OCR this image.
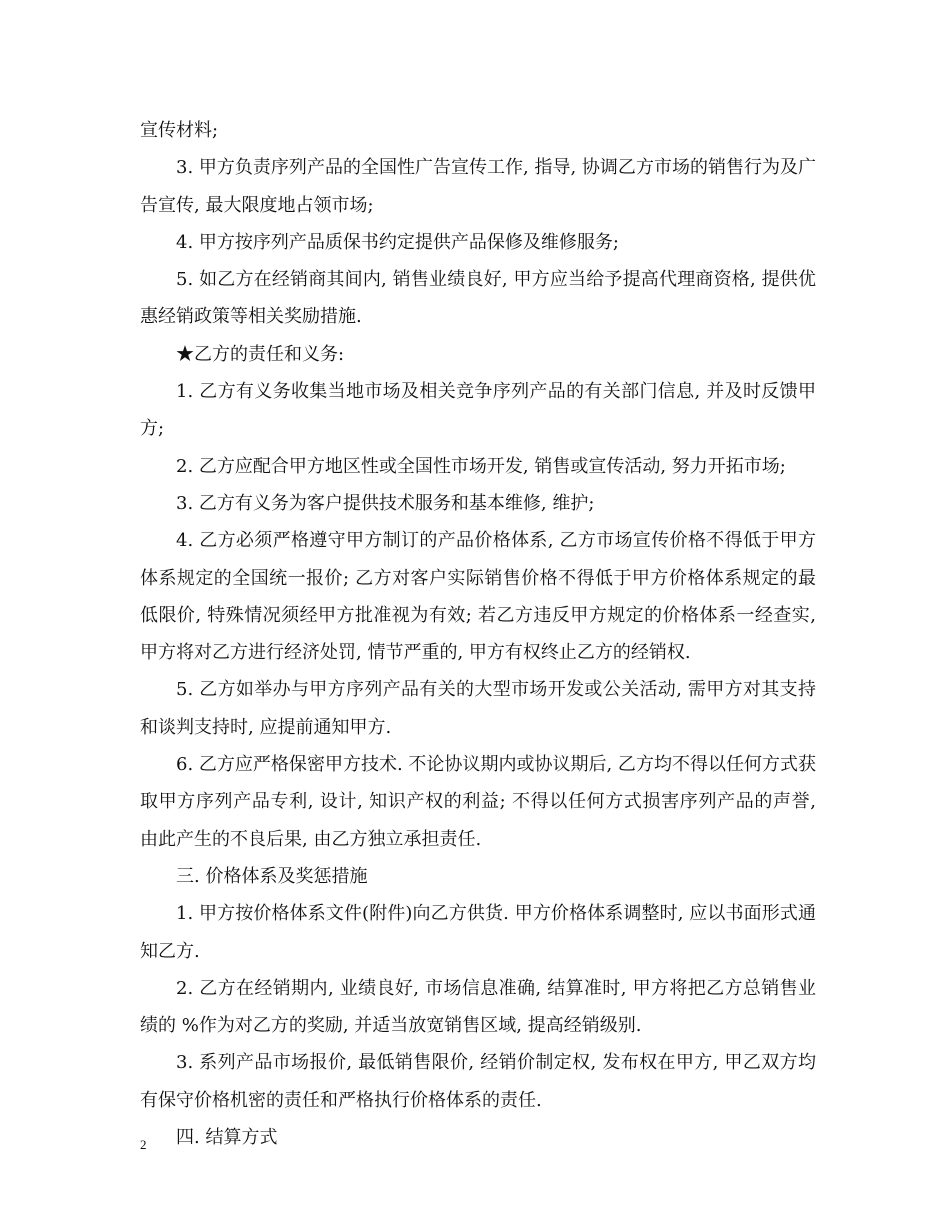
宣传材料;

3. 甲方负责序列产品的全国性广告宣传工作, 指导, 协调乙方市场的销售行为及广告宣传, 最大限度地占领市场;

4. 甲方按序列产品质保书约定提供产品保修及维修服务;

5. 如乙方在经销商其间内, 销售业绩良好, 甲方应当给予提高代理商资格, 提供优惠经销政策等相关奖励措施.

★乙方的责任和义务:

1. 乙方有义务收集当地市场及相关竞争序列产品的有关部门信息, 并及时反馈甲方;

2. 乙方应配合甲方地区性或全国性市场开发, 销售或宣传活动, 努力开拓市场;

3. 乙方有义务为客户提供技术服务和基本维修, 维护;

4. 乙方必须严格遵守甲方制订的产品价格体系, 乙方市场宣传价格不得低于甲方体系规定的全国统一报价; 乙方对客户实际销售价格不得低于甲方价格体系规定的最低限价, 特殊情况须经甲方批准视为有效; 若乙方违反甲方规定的价格体系一经查实, 甲方将对乙方进行经济处罚, 情节严重的, 甲方有权终止乙方的经销权.

5. 乙方如举办与甲方序列产品有关的大型市场开发或公关活动, 需甲方对其支持和谈判支持时, 应提前通知甲方.

6. 乙方应严格保密甲方技术. 不论协议期内或协议期后, 乙方均不得以任何方式获取甲方序列产品专利, 设计, 知识产权的利益; 不得以任何方式损害序列产品的声誉, 由此产生的不良后果, 由乙方独立承担责任.

三. 价格体系及奖惩措施

1. 甲方按价格体系文件(附件)向乙方供货. 甲方价格体系调整时, 应以书面形式通知乙方.

2. 乙方在经销期内, 业绩良好, 市场信息准确, 结算准时, 甲方将把乙方总销售业绩的 %作为对乙方的奖励, 并适当放宽销售区域, 提高经销级别.

3. 系列产品市场报价, 最低销售限价, 经销价制定权, 发布权在甲方, 甲乙双方均有保守价格机密的责任和严格执行价格体系的责任.

四. 结算方式

2
